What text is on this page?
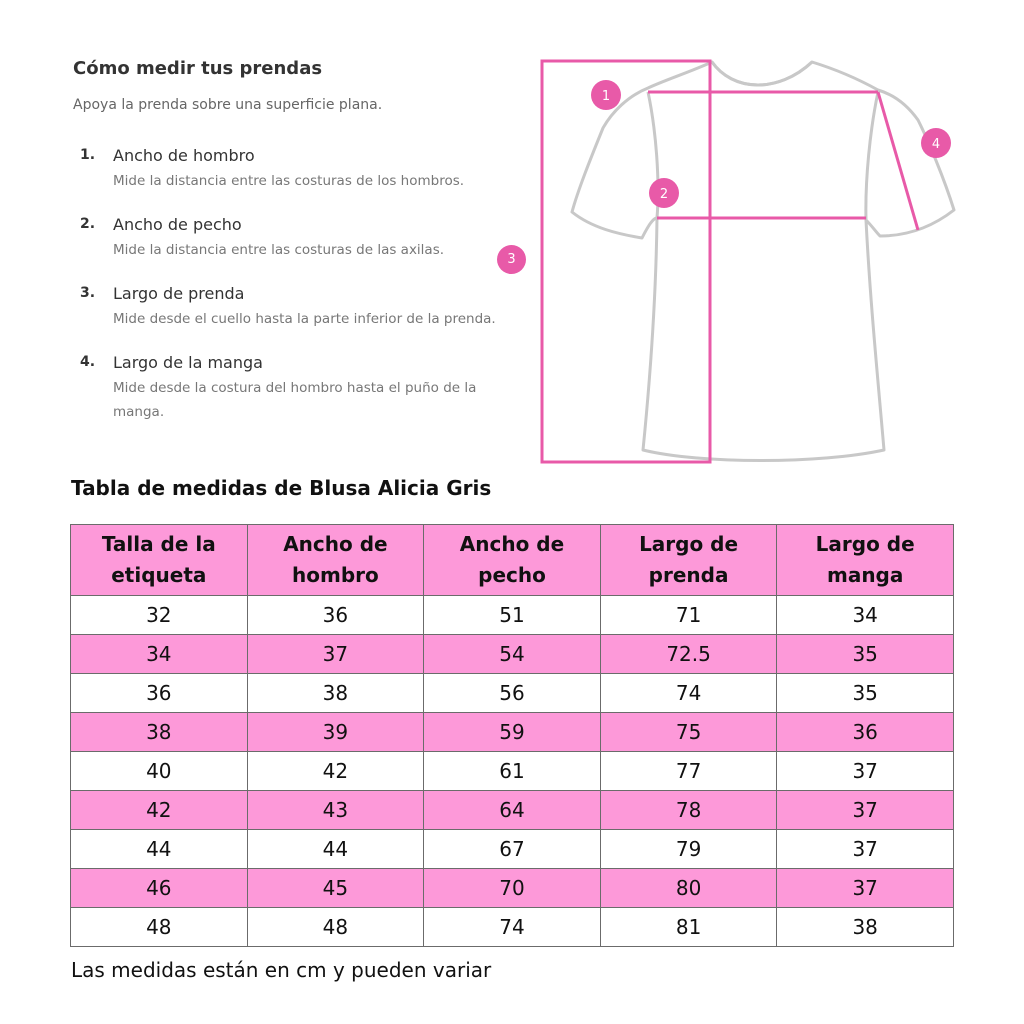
Cómo medir tus prendas
Apoya la prenda sobre una superficie plana.
1. Ancho de hombro
Mide la distancia entre las costuras de los hombros.
2. Ancho de pecho
Mide la distancia entre las costuras de las axilas.
3. Largo de prenda
Mide desde el cuello hasta la parte inferior de la prenda.
4. Largo de la manga
Mide desde la costura del hombro hasta el puño de la manga.
3
1
2
4
Tabla de medidas de Blusa Alicia Gris
Talla de la etiqueta	Ancho de hombro	Ancho de pecho	Largo de prenda	Largo de manga
32	36	51	71	34
34	37	54	72.5	35
36	38	56	74	35
38	39	59	75	36
40	42	61	77	37
42	43	64	78	37
44	44	67	79	37
46	45	70	80	37
48	48	74	81	38
Las medidas están en cm y pueden variar
